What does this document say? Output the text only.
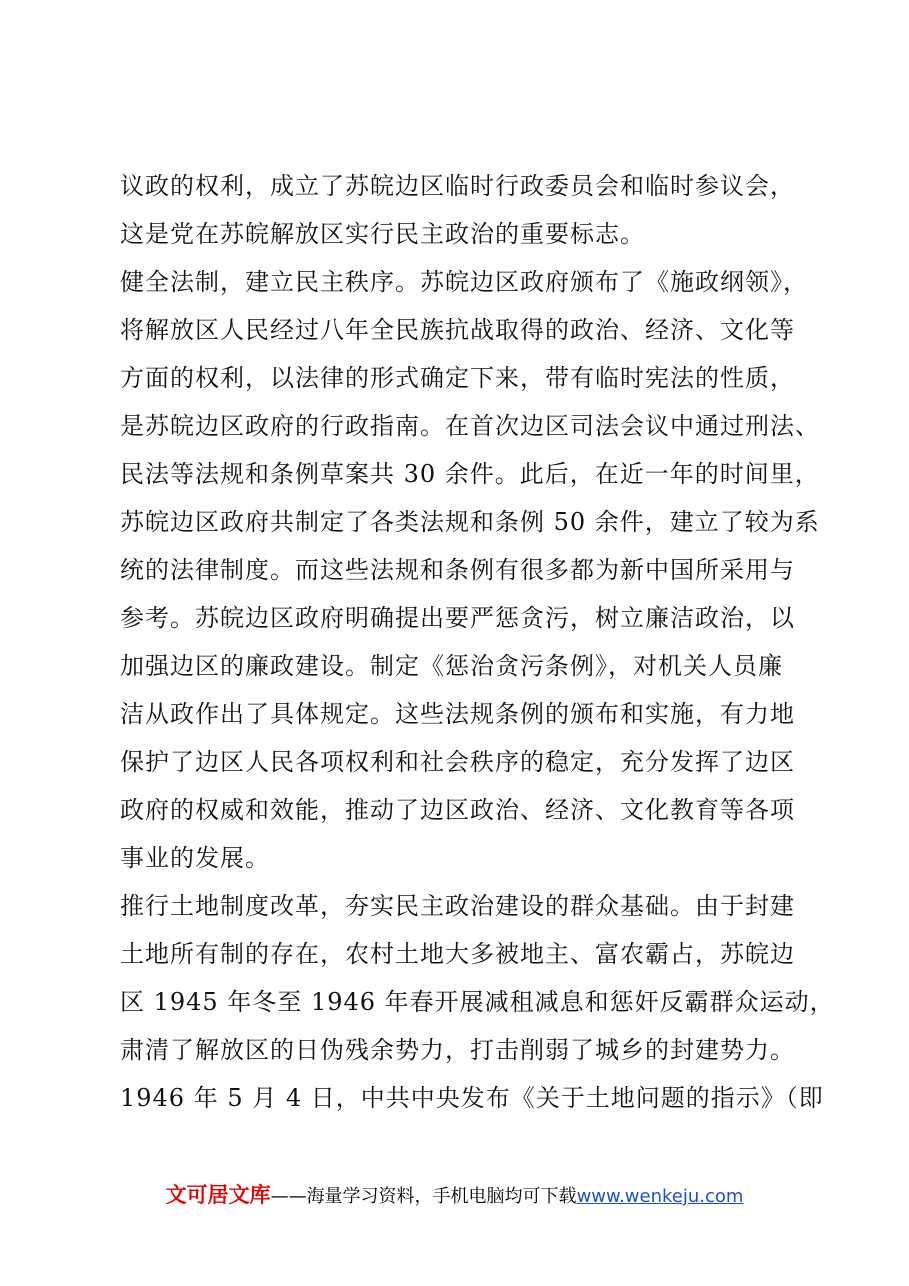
议政的权利，成立了苏皖边区临时行政委员会和临时参议会，
这是党在苏皖解放区实行民主政治的重要标志。
健全法制，建立民主秩序。苏皖边区政府颁布了《施政纲领》，
将解放区人民经过八年全民族抗战取得的政治、经济、文化等
方面的权利，以法律的形式确定下来，带有临时宪法的性质，
是苏皖边区政府的行政指南。在首次边区司法会议中通过刑法、
民法等法规和条例草案共 30 余件。此后，在近一年的时间里，
苏皖边区政府共制定了各类法规和条例 50 余件，建立了较为系
统的法律制度。而这些法规和条例有很多都为新中国所采用与
参考。苏皖边区政府明确提出要严惩贪污，树立廉洁政治，以
加强边区的廉政建设。制定《惩治贪污条例》，对机关人员廉
洁从政作出了具体规定。这些法规条例的颁布和实施，有力地
保护了边区人民各项权利和社会秩序的稳定，充分发挥了边区
政府的权威和效能，推动了边区政治、经济、文化教育等各项
事业的发展。
推行土地制度改革，夯实民主政治建设的群众基础。由于封建
土地所有制的存在，农村土地大多被地主、富农霸占，苏皖边
区 1945 年冬至 1946 年春开展减租减息和惩奸反霸群众运动，
肃清了解放区的日伪残余势力，打击削弱了城乡的封建势力。
1946 年 5 月 4 日，中共中央发布《关于土地问题的指示》（即
文可居文库——海量学习资料，手机电脑均可下载www.wenkeju.com
